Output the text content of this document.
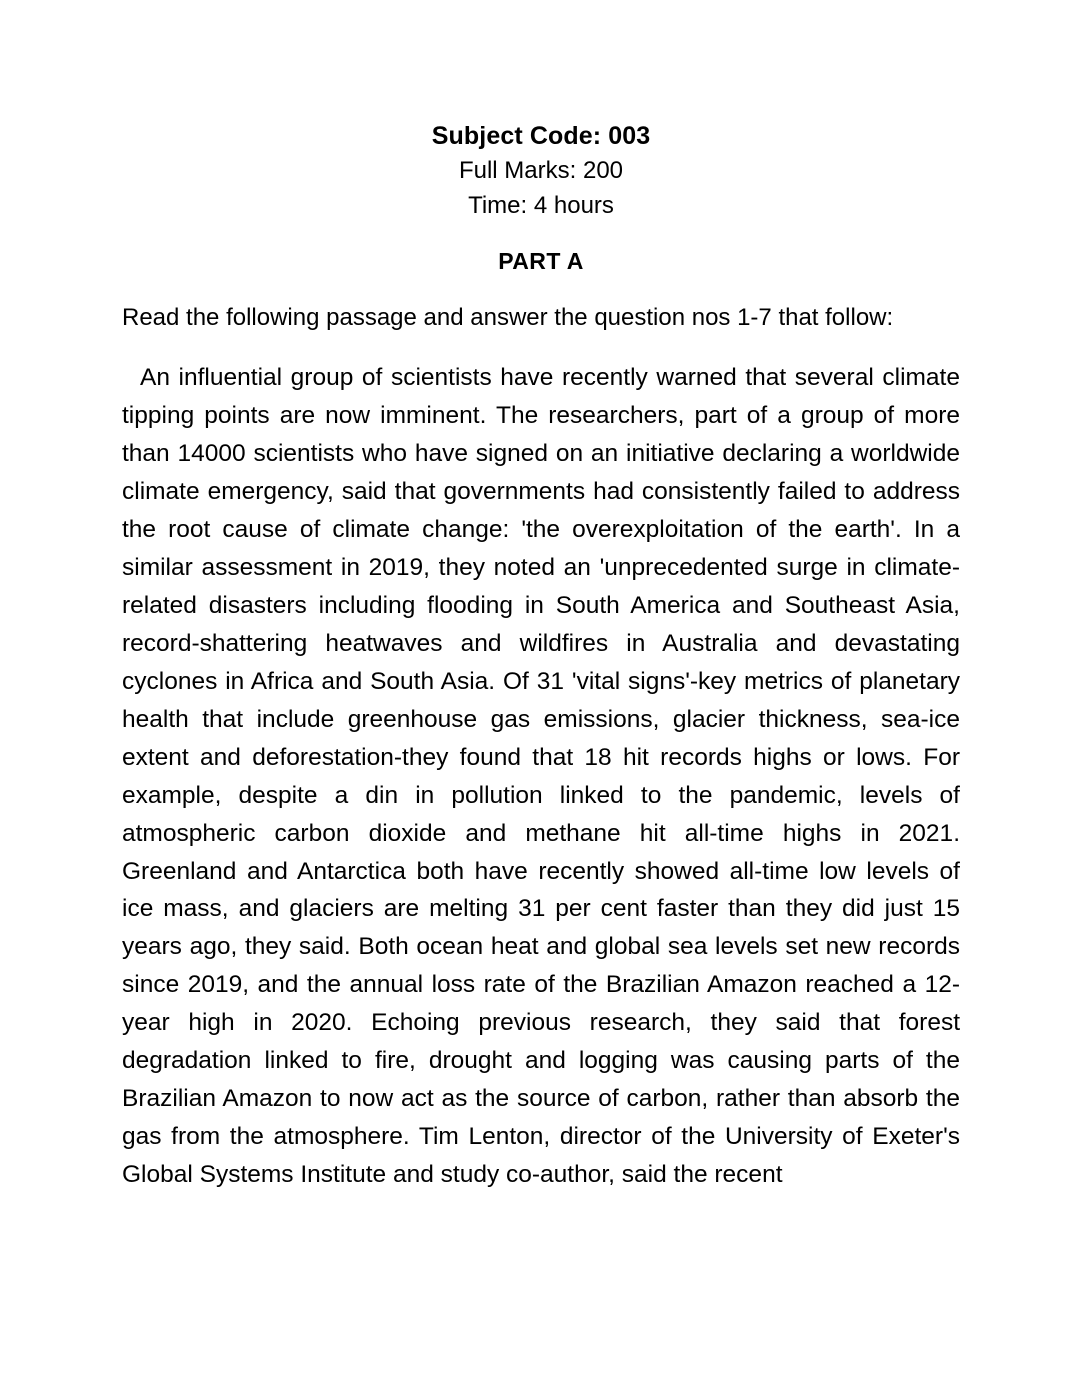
Subject Code: 003
Full Marks: 200
Time: 4 hours
PART A
Read the following passage and answer the question nos 1-7 that follow:
An influential group of scientists have recently warned that several climate tipping points are now imminent. The researchers, part of a group of more than 14000 scientists who have signed on an initiative declaring a worldwide climate emergency, said that governments had consistently failed to address the root cause of climate change: 'the overexploitation of the earth'. In a similar assessment in 2019, they noted an 'unprecedented surge in climate-related disasters including flooding in South America and Southeast Asia, record-shattering heatwaves and wildfires in Australia and devastating cyclones in Africa and South Asia. Of 31 'vital signs'-key metrics of planetary health that include greenhouse gas emissions, glacier thickness, sea-ice extent and deforestation-they found that 18 hit records highs or lows. For example, despite a din in pollution linked to the pandemic, levels of atmospheric carbon dioxide and methane hit all-time highs in 2021. Greenland and Antarctica both have recently showed all-time low levels of ice mass, and glaciers are melting 31 per cent faster than they did just 15 years ago, they said. Both ocean heat and global sea levels set new records since 2019, and the annual loss rate of the Brazilian Amazon reached a 12-year high in 2020. Echoing previous research, they said that forest degradation linked to fire, drought and logging was causing parts of the Brazilian Amazon to now act as the source of carbon, rather than absorb the gas from the atmosphere. Tim Lenton, director of the University of Exeter's Global Systems Institute and study co-author, said the recent
